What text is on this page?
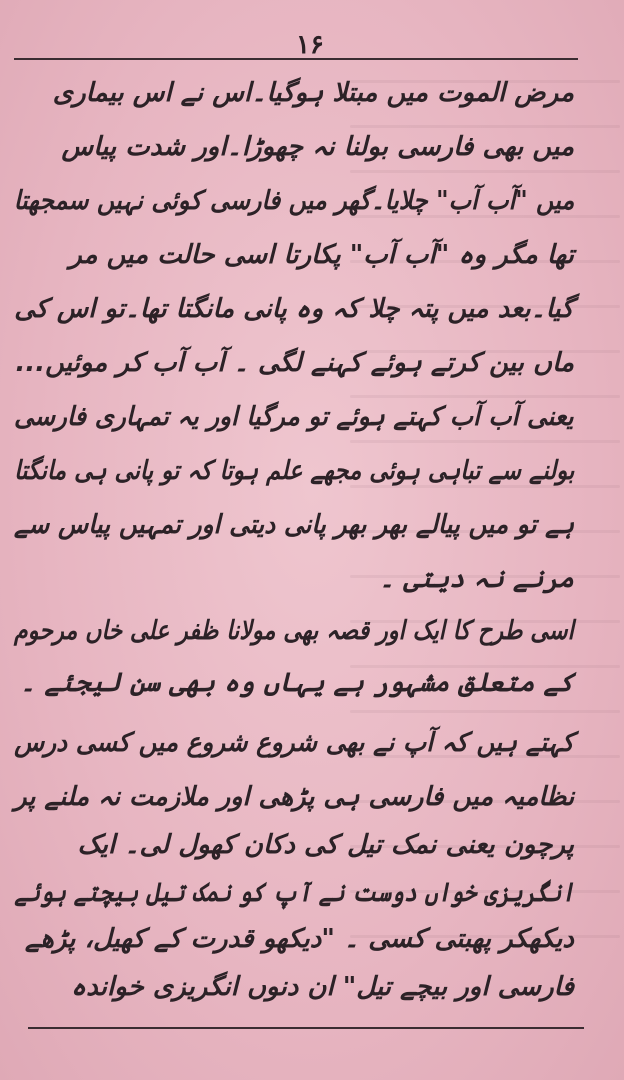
۱۶
مرض الموت میں مبتلا ہوگیا۔اس نے اس بیماری
میں بھی فارسی بولنا نہ چھوڑا۔اور شدت پیاس
میں "آب آب" چلایا۔گھر میں فارسی کوئی نہیں سمجھتا
تھا مگر وہ "آب آب" پکارتا اسی حالت میں مر
گیا۔بعد میں پتہ چلا کہ وہ پانی مانگتا تھا۔تو اس کی
ماں بین کرتے ہوئے کہنے لگی ۔ آب آب کر موئیں...
یعنی آب آب کہتے ہوئے تو مرگیا اور یہ تمہاری فارسی
بولنے سے تباہی ہوئی مجھے علم ہوتا کہ تو پانی ہی مانگتا
ہے تو میں پیالے بھر بھر پانی دیتی اور تمہیں پیاس سے
مرنے نہ دیتی ۔
اسی طرح کا ایک اور قصہ بھی مولانا ظفر علی خاں مرحوم
کے متعلق مشہور ہے یہاں وہ بھی سن لیجئے ۔
کہتے ہیں کہ آپ نے بھی شروع شروع میں کسی درس
نظامیہ میں فارسی ہی پڑھی اور ملازمت نہ ملنے پر
پرچون یعنی نمک تیل کی دکان کھول لی۔ ایک
انگریزی خواں دوست نے آپ کو نمک تیل بیچتے ہوئے
دیکھکر پھبتی کسی ۔ "دیکھو قدرت کے کھیل، پڑھے
فارسی اور بیچے تیل" ان دنوں انگریزی خواندہ
